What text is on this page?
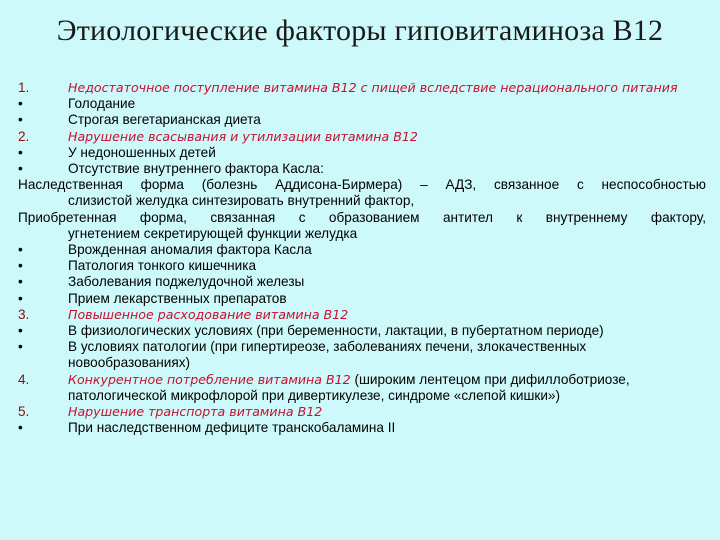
Этиологические факторы гиповитаминоза В12
1.	Недостаточное поступление витамина В12 с пищей вследствие нерационального питания
•	Голодание
•	Строгая вегетарианская диета
2.	Нарушение всасывания и утилизации витамина В12
•	У недоношенных детей
•	Отсутствие внутреннего фактора Касла:
Наследственная форма (болезнь Аддисона-Бирмера) – АДЗ, связанное с неспособностью
слизистой желудка синтезировать внутренний фактор,
Приобретенная форма, связанная с образованием антител к внутреннему фактору,
угнетением секретирующей функции желудка
•	Врожденная аномалия фактора Касла
•	Патология тонкого кишечника
•	Заболевания поджелудочной железы
•	Прием лекарственных препаратов
3.	Повышенное расходование витамина В12
•	В физиологических условиях (при беременности, лактации, в пубертатном периоде)
•	В условиях патологии (при гипертиреозе, заболеваниях печени, злокачественных новообразованиях)
4.	Конкурентное потребление витамина В12 (широким лентецом при дифиллоботриозе, патологической микрофлорой при дивертикулезе, синдроме «слепой кишки»)
5.	Нарушение транспорта витамина В12
•	При наследственном дефиците транскобаламина II
